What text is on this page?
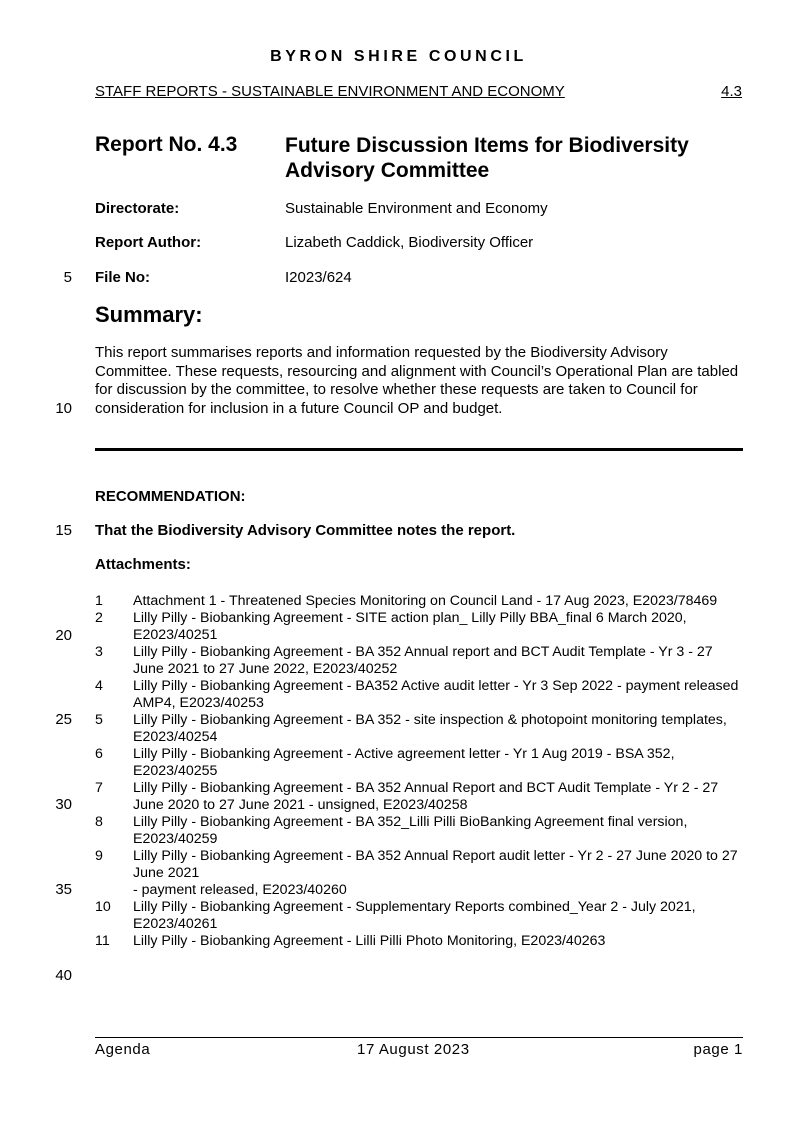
BYRON SHIRE COUNCIL
STAFF REPORTS - SUSTAINABLE ENVIRONMENT AND ECONOMY	4.3
Report No. 4.3 Future Discussion Items for Biodiversity Advisory Committee
Directorate:	Sustainable Environment and Economy
Report Author:	Lizabeth Caddick, Biodiversity Officer
File No:	I2023/624
Summary:
This report summarises reports and information requested by the Biodiversity Advisory Committee. These requests, resourcing and alignment with Council’s Operational Plan are tabled for discussion by the committee, to resolve whether these requests are taken to Council for consideration for inclusion in a future Council OP and budget.
RECOMMENDATION:
That the Biodiversity Advisory Committee notes the report.
Attachments:
1	Attachment 1 - Threatened Species Monitoring on Council Land - 17 Aug 2023, E2023/78469
2	Lilly Pilly - Biobanking Agreement - SITE action plan_ Lilly Pilly BBA_final 6 March 2020, E2023/40251
3	Lilly Pilly - Biobanking Agreement - BA 352 Annual report and BCT Audit Template - Yr 3 - 27 June 2021 to 27 June 2022, E2023/40252
4	Lilly Pilly - Biobanking Agreement - BA352 Active audit letter - Yr 3 Sep 2022 - payment released AMP4, E2023/40253
5	Lilly Pilly - Biobanking Agreement - BA 352 - site inspection & photopoint monitoring templates, E2023/40254
6	Lilly Pilly - Biobanking Agreement - Active agreement letter - Yr 1 Aug 2019 - BSA 352, E2023/40255
7	Lilly Pilly - Biobanking Agreement - BA 352 Annual Report and BCT Audit Template - Yr 2 - 27 June 2020 to 27 June 2021 - unsigned, E2023/40258
8	Lilly Pilly - Biobanking Agreement - BA 352_Lilli Pilli BioBanking Agreement final version, E2023/40259
9	Lilly Pilly - Biobanking Agreement - BA 352 Annual Report audit letter - Yr 2 - 27 June 2020 to 27 June 2021
- payment released, E2023/40260
10	Lilly Pilly - Biobanking Agreement - Supplementary Reports combined_Year 2 - July 2021, E2023/40261
11	Lilly Pilly - Biobanking Agreement - Lilli Pilli Photo Monitoring, E2023/40263
5
10
15
20
25
30
35
40
Agenda	17 August 2023	page 1
